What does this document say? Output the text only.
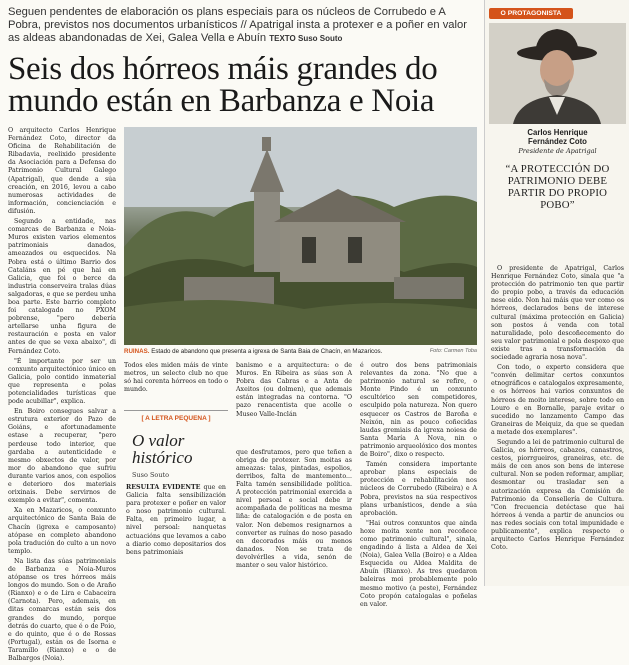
Seguen pendentes de elaboración os plans especiais para os núcleos de Corrubedo e A Pobra, previstos nos documentos urbanísticos // Apatrigal insta a protexer e a poñer en valor as aldeas abandonadas de Xei, Galea Vella e Abuín TEXTO Suso Souto
Seis dos hórreos máis grandes do mundo están en Barbanza e Noia

O arquitecto Carlos Henrique Fernández Coto, director da Oficina de Rehabilitación de Ribadavia, reelixido presidente da Asociación para a Defensa do Patrimonio Cultural Galego (Apatrigal), que dende a súa creación, en 2016, levou a cabo numerosas actividades de información, concienciación e difusión.

Segundo a entidade, nas comarcas de Barbanza e Noia-Muros existen varios elementos patrimoniais danados, ameazados ou esquecidos. Na Pobra está o último Barrio dos Cataláns en pé que hai en Galicia, que foi o berce da industria conserveira tralas dúas salgadoras, e que se perdeu unha boa parte. Este barrio completo foi catalogado no PXOM pobrense, "pero debería artellarse unha figura de restauración e posta en valor antes de que se vexa abaixo", di Fernández Coto.

"É importante por ser un conxunto arquitectónico único en Galicia, polo contido inmaterial que representa e polas potencialidades turísticas que pode acubillar", explica.

En Boiro consegues salvar a estrutura exterior do Pazo de Goiáns, e afortunadamente estase a recuperar, "pero perdeuse todo interior, que gardaba a autenticidade e mesmo obxectos de valor, por mor do abandono que sufriu durante varios anos, con espolios e deterioro dos materiais orixinais. Debe servirnos de exemplo a evitar", comenta.

Xa en Mazaricos, o conxunto arquitectónico de Santa Baia de Chacín (igrexa e camposanto) atópase en completo abandono pola tradución do culto a un novo templo.

Na lista das súas patrimoniais de Barbanza e Noia-Muros atópanse os tres hórreos máis longos do mundo. Son o de Araño (Rianxo) e o de Lira e Cabaceira (Carnota). Pero, ademais, en ditas comarcas están seis dos grandes do mundo, porque detrás do cuarto, que é o de Poio, e do quinto, que é o de Rossas (Portugal), están os de Isorna e Taramillo (Rianxo) e o de Balbargos (Noia).

RUINAS. Estado de abandono que presenta a igrexa de Santa Baia de Chacín, en Mazaricos.	Foto: Carmen Toba

Todos eles miden máis de vinte metros, un selecto club no que só hai corenta hórreos en todo o mundo.

[ A LETRA PEQUENA ]
O valor histórico
Suso Souto

RESULTA EVIDENTE que en Galicia falta sensibilización para protexer e poñer en valor o noso patrimonio cultural. Falta, en primeiro lugar, a nivel persoal: nanquetas actuacións que levamos a cabo a diario como depositarios dos bens patrimoniais

banismo e a arquitectura: o de Muros. En Ribeira as súas son A Pobra das Cabras e a Anta de Axeitos (ou dolmen), que ademais están integradas na contorna. "O pazo renacentista que acolle o Museo Valle-Inclán

que desfrutamos, pero que teñen a obriga de protexer. Son moitas as ameazas: talas, pintadas, espolios, derribos, falta de mantemento... Falta tamén sensibilidade política. A protección patrimonial exercida a nivel persoal e social debe ir acompañada de políticas na mesma liña: de catalogación e de posta en valor. Non debemos resignarnos a converter as ruínas do noso pasado en decorados máis ou menos danados. Non se trata de devolvérlles a vida, senón de manter o seu valor histórico.

é outro dos bens patrimoniais relevantes da zona. "No que a patrimonio natural se refire, o Monte Pindo é un conxunto escultórico sen competidores, esculpido pola natureza. Non quero esquecer os Castros de Baroña e Neixón, nin as pouco coñecidas laudas gremiais da igrexa noiesa de Santa María A Nova, nin o patrimonio arqueolóxico dos montes de Boiro", dixo o respecto.

Tamén considera importante aprobar plans especiais de protección e rehabilitación nos núcleos de Corrubedo (Ribeira) e A Pobra, previstos na súa respectivos plans urbanísticos, dende a súa aprobación.

"Hai outros conxuntos que ainda hoxe moita xente non recoñece como patrimonio cultural", sinala, engadindo á lista a Aldea de Xei (Noia), Galea Vella (Boiro) e a Aldea Esquecida ou Aldea Maldita de Abuín (Rianxo). As tres quedaron baleiras moi probablemente polo mesmo motivo (a peste), Fernández Coto propón catalogalas e poñelas en valor.

O PROTAGONISTA
Carlos Henrique
Fernández Coto
Presidente de Apatrigal
“A PROTECCIÓN DO PATRIMONIO DEBE PARTIR DO PROPIO POBO”

O presidente de Apatrigal, Carlos Henrique Fernández Coto, sinala que "a protección do patrimonio ten que partir do propio pobo, a través da educación nese eido. Non hai máis que ver como os hórreos, declarados bens de interese cultural (máxima protección en Galicia) son postos á venda con total naturalidade, polo descoñecemento do seu valor patrimonial e pola despoxo que existe tras a transformación da sociedade agraria nosa nova".

Con todo, o experto considera que "convén delimitar certos conxuntos etnográficos e catalogalos expresamente, e os hórreos hai varios conxuntos de hórreos de moito interese, sobre todo en Louro e en Bornalle, paraje evitar o sucedido no lanzamento Campo das Graneiras de Meiquiz, da que se quedan a metade dos exemplares".

Segundo a lei de patrimonio cultural de Galicia, os hórreos, cabazos, canastros, cestos, piorrgueiros, graneiras, etc. de máis de cen anos son bens de interese cultural. Non se poden reformar, ampliar, desmontar ou trasladar sen a autorización expresa da Comisión de Patrimonio da Consellería de Cultura. "Con frecuencia detéctase que hai hórreos á venda a partir de anuncios ou nas redes sociais con total impunidade e publicamente", explica respecto o arquitecto Carlos Henrique Fernández Coto.
